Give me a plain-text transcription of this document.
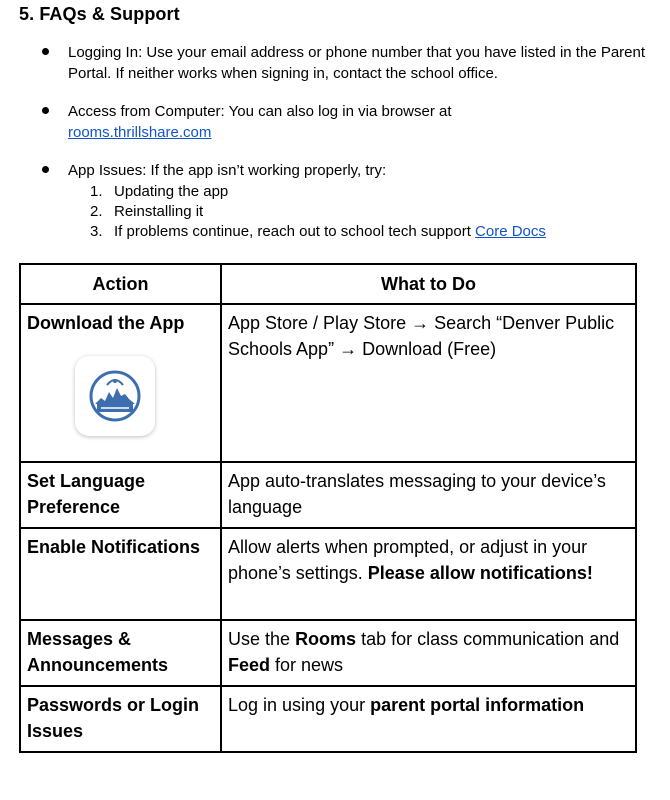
5. FAQs & Support
Logging In: Use your email address or phone number that you have listed in the Parent Portal. If neither works when signing in, contact the school office.
Access from Computer: You can also log in via browser at
rooms.thrillshare.com
App Issues: If the app isn’t working properly, try:
1. Updating the app
2. Reinstalling it
3. If problems continue, reach out to school tech support Core Docs
Action	What to Do

Download the App	App Store / Play Store → Search “Denver Public Schools App” → Download (Free)
Set Language Preference	App auto-translates messaging to your device’s language
Enable Notifications	Allow alerts when prompted, or adjust in your phone’s settings. Please allow notifications!
Messages & Announcements	Use the Rooms tab for class communication and Feed for news
Passwords or Login Issues	Log in using your parent portal information
